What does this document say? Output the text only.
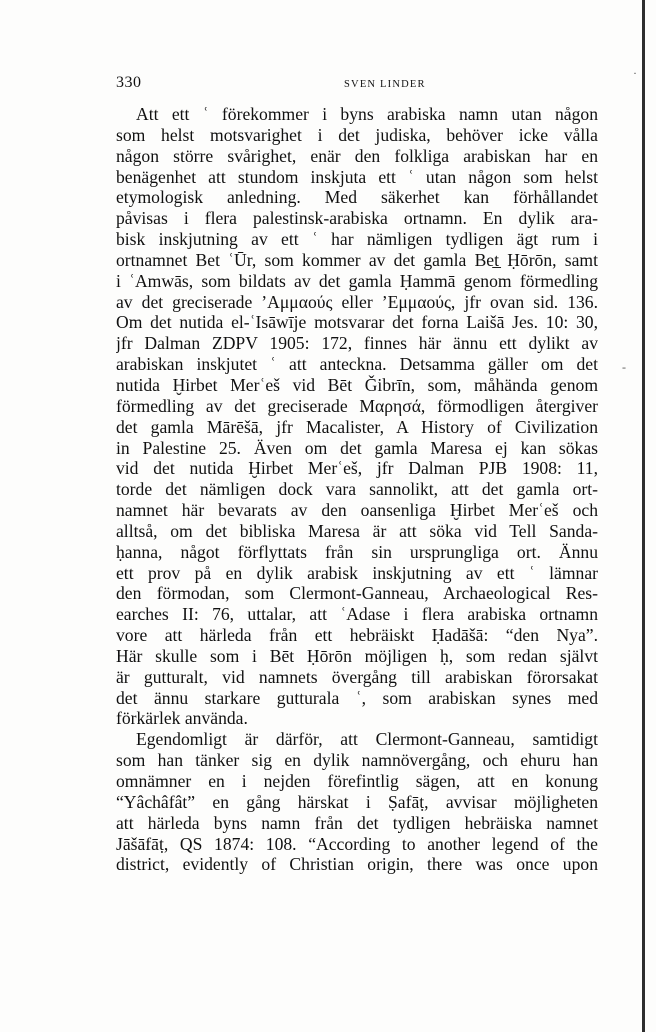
·
-
330	SVEN LINDER
Att ett ʿ förekommer i byns arabiska namn utan någon
som helst motsvarighet i det judiska, behöver icke vålla
någon större svårighet, enär den folkliga arabiskan har en
benägenhet att stundom inskjuta ett ʿ utan någon som helst
etymologisk anledning. Med säkerhet kan förhållandet
påvisas i flera palestinsk-arabiska ortnamn. En dylik ara-
bisk inskjutning av ett ʿ har nämligen tydligen ägt rum i
ortnamnet Bet ʿŪr, som kommer av det gamla Bet̲ Ḥōrōn, samt
i ʿAmwās, som bildats av det gamla Ḥammā genom förmedling
av det greciserade ʼΑμμαούς eller ʼΕμμαούς, jfr ovan sid. 136.
Om det nutida el-ʿIsāwīje motsvarar det forna Laišā Jes. 10: 30,
jfr Dalman ZDPV 1905: 172, finnes här ännu ett dylikt av
arabiskan inskjutet ʿ att anteckna. Detsamma gäller om det
nutida Ḫirbet Merʿeš vid Bēt Ǧibrīn, som, måhända genom
förmedling av det greciserade Μαρησά, förmodligen återgiver
det gamla Mārēšā, jfr Macalister, A History of Civilization
in Palestine 25. Även om det gamla Maresa ej kan sökas
vid det nutida Ḫirbet Merʿeš, jfr Dalman PJB 1908: 11,
torde det nämligen dock vara sannolikt, att det gamla ort-
namnet här bevarats av den oansenliga Ḫirbet Merʿeš och
alltså, om det bibliska Maresa är att söka vid Tell Sanda-
ḥanna, något förflyttats från sin ursprungliga ort. Ännu
ett prov på en dylik arabisk inskjutning av ett ʿ lämnar
den förmodan, som Clermont-Ganneau, Archaeological Res-
earches II: 76, uttalar, att ʿAdase i flera arabiska ortnamn
vore att härleda från ett hebräiskt Ḥadāšā: “den Nya”.
Här skulle som i Bēt Ḥōrōn möjligen ḥ, som redan självt
är gutturalt, vid namnets övergång till arabiskan förorsakat
det ännu starkare gutturala ʿ, som arabiskan synes med
förkärlek använda.
Egendomligt är därför, att Clermont-Ganneau, samtidigt
som han tänker sig en dylik namnövergång, och ehuru han
omnämner en i nejden förefintlig sägen, att en konung
“Yâchâfât” en gång härskat i Ṣafāṭ, avvisar möjligheten
att härleda byns namn från det tydligen hebräiska namnet
Jāšāfāṭ, QS 1874: 108. “According to another legend of the
district, evidently of Christian origin, there was once upon
